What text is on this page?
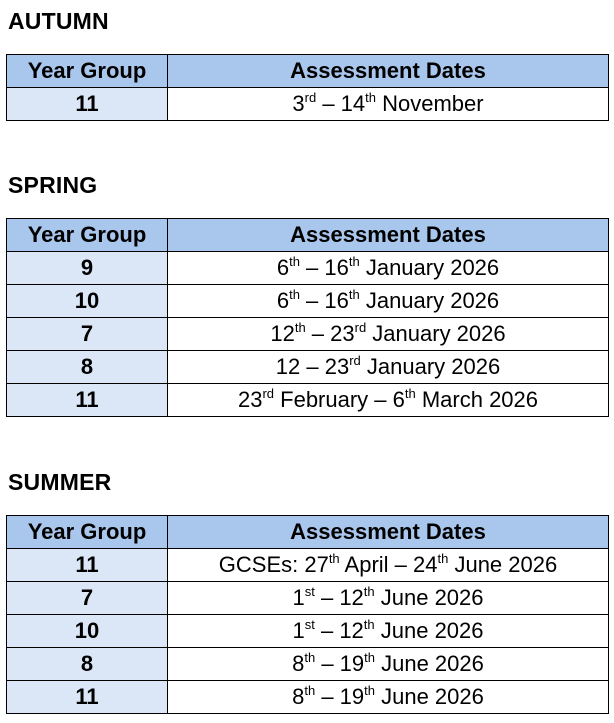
AUTUMN
Year Group	Assessment Dates
11	3rd – 14th November
SPRING
Year Group	Assessment Dates
9	6th – 16th January 2026
10	6th – 16th January 2026
7	12th – 23rd January 2026
8	12 – 23rd January 2026
11	23rd February – 6th March 2026
SUMMER
Year Group	Assessment Dates
11	GCSEs: 27th April – 24th June 2026
7	1st – 12th June 2026
10	1st – 12th June 2026
8	8th – 19th June 2026
11	8th – 19th June 2026
